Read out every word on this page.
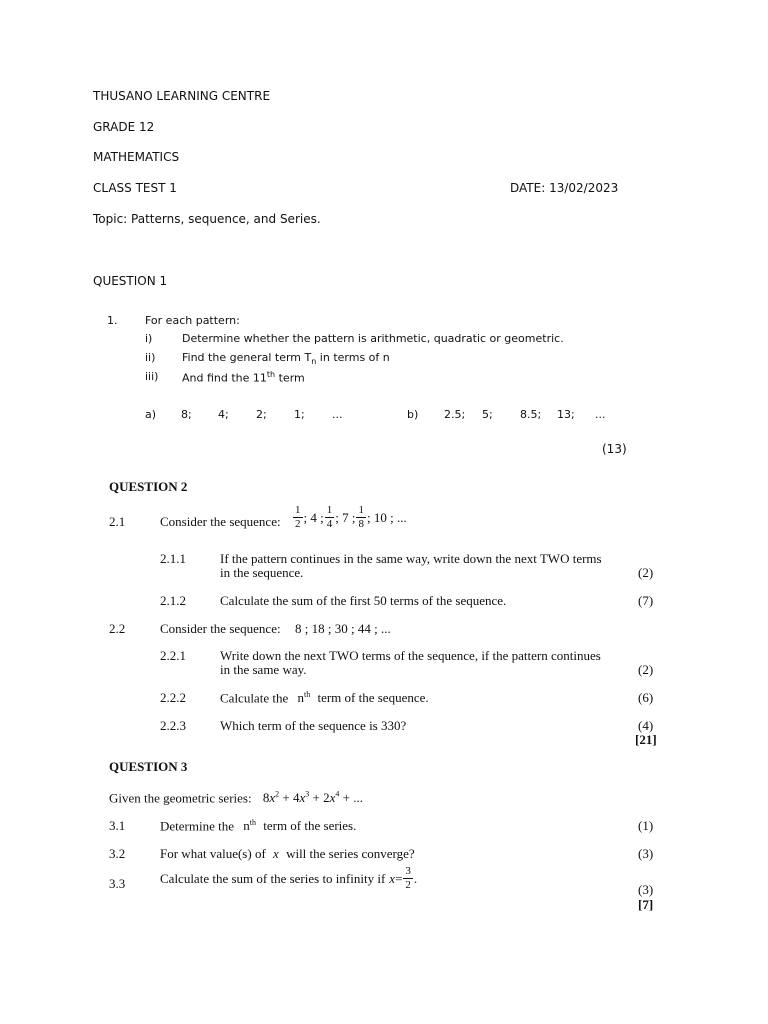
THUSANO LEARNING CENTRE
GRADE 12
MATHEMATICS
CLASS TEST 1	DATE: 13/02/2023
Topic: Patterns, sequence, and Series.
QUESTION 1
1.	For each pattern:
i)	Determine whether the pattern is arithmetic, quadratic or geometric.
ii) Find the general term $T_n$ in terms of n
iii) And find the 11th term
a) 8; 4; 2; 1; ...	b) 2.5; 5; 8.5; 13; ...
(13)
QUESTION 2
2.1	Consider the sequence: $\frac{1}{2}$ ; 4 ; $\frac{1}{4}$ ; 7 ; $\frac{1}{8}$ ; 10 ; ...
2.1.1	If the pattern continues in the same way, write down the next TWO terms
in the sequence.	(2)
2.1.2	Calculate the sum of the first 50 terms of the sequence.	(7)
2.2	Consider the sequence: 8 ; 18 ; 30 ; 44 ; ...
2.2.1	Write down the next TWO terms of the sequence, if the pattern continues
in the same way.	(2)
2.2.2	Calculate the $n^{th}$ term of the sequence.	(6)
2.2.3	Which term of the sequence is 330?	(4)
[21]
QUESTION 3
Given the geometric series: $8x^2 + 4x^3 + 2x^4$ + ...
3.1	Determine the $n^{th}$ term of the series.	(1)
3.2	For what value(s) of x will the series converge?	(3)
3.3	Calculate the sum of the series to infinity if $x = \frac{3}{2}$ .
(3)
[7]
